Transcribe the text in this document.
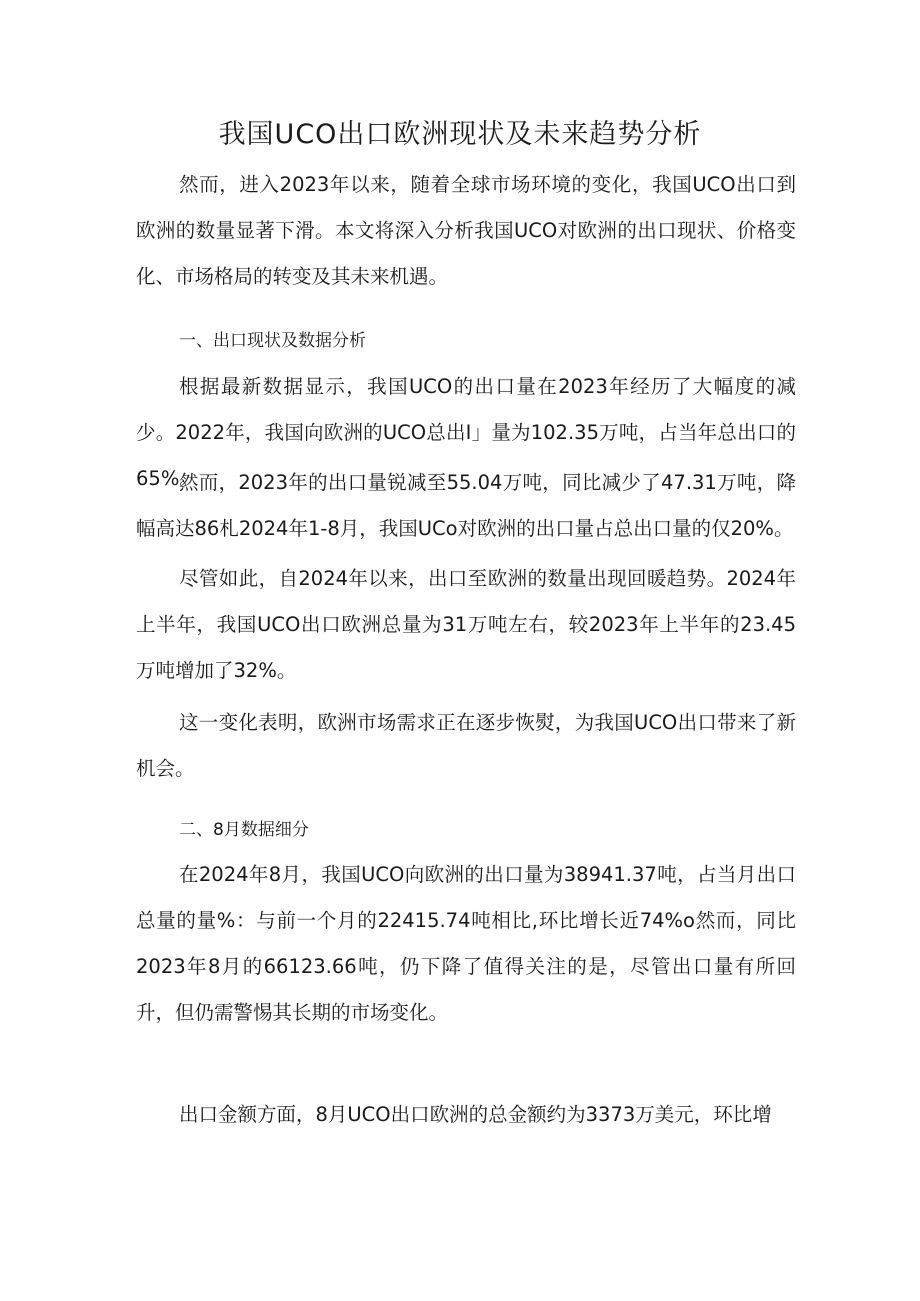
我国UCO出口欧洲现状及未来趋势分析

然而，进入2023年以来，随着全球市场环境的变化，我国UCO出口到欧洲的数量显著下滑。本文将深入分析我国UCO对欧洲的出口现状、价格变化、市场格局的转变及其未来机遇。

一、出口现状及数据分析

根据最新数据显示，我国UCO的出口量在2023年经历了大幅度的减少。2022年，我国向欧洲的UCO总出I」量为102.35万吨，占当年总出口的65%。

然而，2023年的出口量锐减至55.04万吨，同比减少了47.31万吨，降幅高达86札2024年1-8月，我国UCo对欧洲的出口量占总出口量的仅20%。

尽管如此，自2024年以来，出口至欧洲的数量出现回暖趋势。2024年上半年，我国UCO出口欧洲总量为31万吨左右，较2023年上半年的23.45万吨增加了32%。

这一变化表明，欧洲市场需求正在逐步恢熨，为我国UCO出口带来了新机会。

二、8月数据细分

在2024年8月，我国UCO向欧洲的出口量为38941.37吨，占当月出口总量的量%：与前一个月的22415.74吨相比,环比增长近74%o然而，同比2023年8月的66123.66吨，仍下降了值得关注的是，尽管出口量有所回升，但仍需警惕其长期的市场变化。

出口金额方面，8月UCO出口欧洲的总金额约为3373万美元，环比增
